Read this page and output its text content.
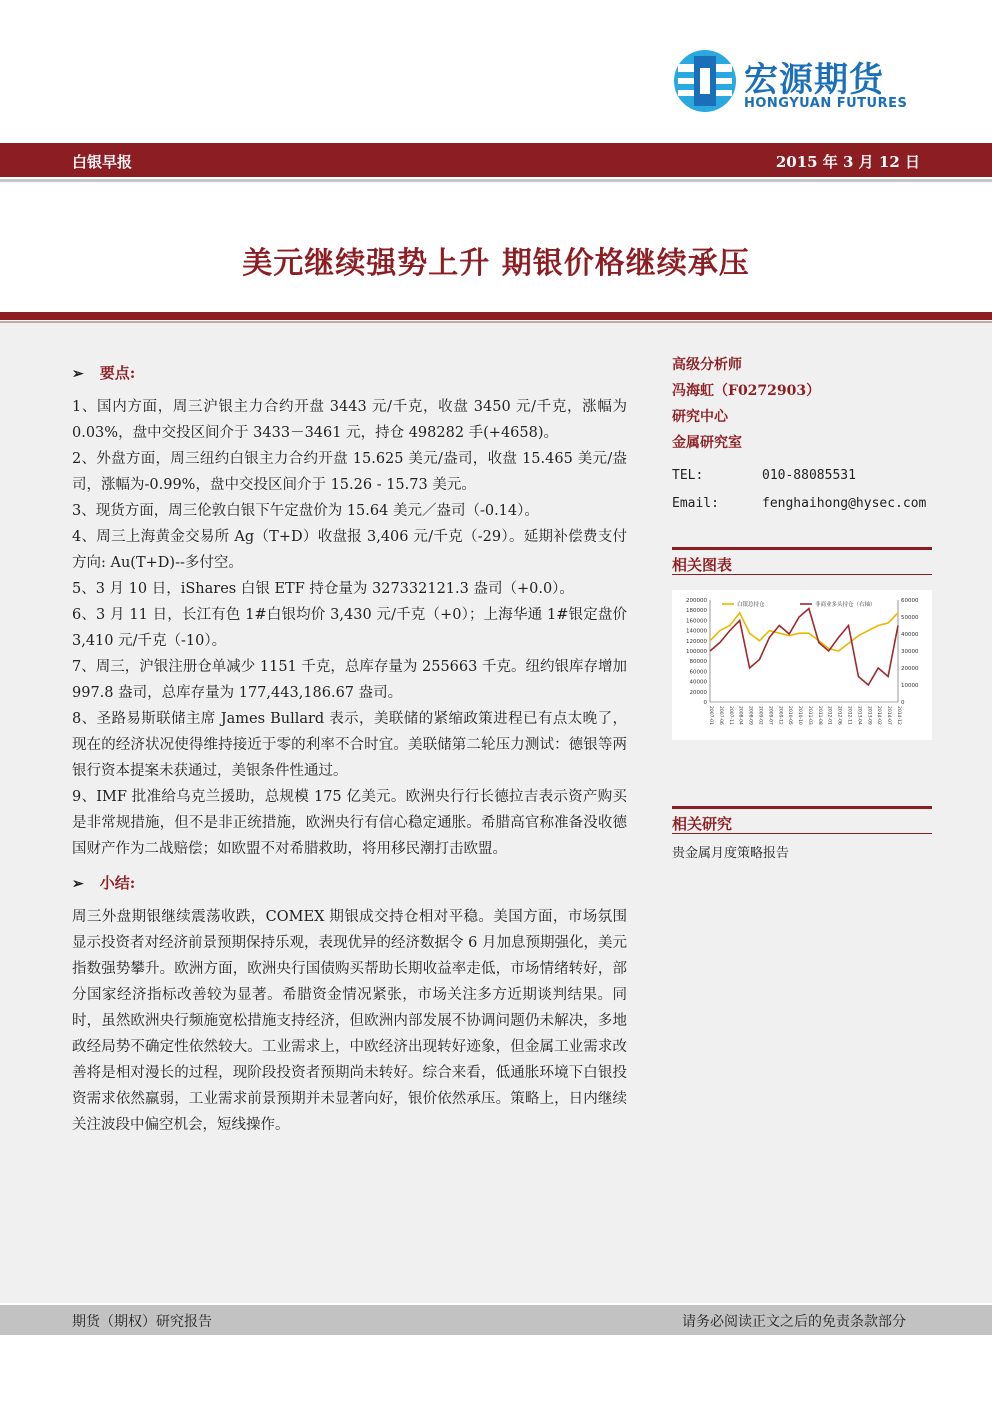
宏源期货
HONGYUAN FUTURES
白银早报	2015 年 3 月 12 日
美元继续强势上升 期银价格继续承压
➢ 要点:

1、国内方面，周三沪银主力合约开盘 3443 元/千克，收盘 3450 元/千克，涨幅为 0.03%，盘中交投区间介于 3433－3461 元，持仓 498282 手(+4658)。

2、外盘方面，周三纽约白银主力合约开盘 15.625 美元/盎司，收盘 15.465 美元/盎司，涨幅为-0.99%，盘中交投区间介于 15.26 - 15.73 美元。

3、现货方面，周三伦敦白银下午定盘价为 15.64 美元／盎司（-0.14）。

4、周三上海黄金交易所 Ag（T+D）收盘报 3,406 元/千克（-29）。延期补偿费支付方向: Au(T+D)--多付空。

5、3 月 10 日，iShares 白银 ETF 持仓量为 327332121.3 盎司（+0.0）。

6、3 月 11 日，长江有色 1#白银均价 3,430 元/千克（+0）；上海华通 1#银定盘价 3,410 元/千克（-10）。

7、周三，沪银注册仓单减少 1151 千克，总库存量为 255663 千克。纽约银库存增加 997.8 盎司，总库存量为 177,443,186.67 盎司。

8、圣路易斯联储主席 James Bullard 表示，美联储的紧缩政策进程已有点太晚了，现在的经济状况使得维持接近于零的利率不合时宜。美联储第二轮压力测试：德银等两银行资本提案未获通过，美银条件性通过。

9、IMF 批准给乌克兰援助，总规模 175 亿美元。欧洲央行行长德拉吉表示资产购买是非常规措施，但不是非正统措施，欧洲央行有信心稳定通胀。希腊高官称准备没收德国财产作为二战赔偿；如欧盟不对希腊救助，将用移民潮打击欧盟。

➢ 小结:

周三外盘期银继续震荡收跌，COMEX 期银成交持仓相对平稳。美国方面，市场氛围显示投资者对经济前景预期保持乐观，表现优异的经济数据令 6 月加息预期强化，美元指数强势攀升。欧洲方面，欧洲央行国债购买帮助长期收益率走低，市场情绪转好，部分国家经济指标改善较为显著。希腊资金情况紧张，市场关注多方近期谈判结果。同时，虽然欧洲央行频施宽松措施支持经济，但欧洲内部发展不协调问题仍未解决，多地政经局势不确定性依然较大。工业需求上，中欧经济出现转好迹象，但金属工业需求改善将是相对漫长的过程，现阶段投资者预期尚未转好。综合来看，低通胀环境下白银投资需求依然羸弱，工业需求前景预期并未显著向好，银价依然承压。策略上，日内继续关注波段中偏空机会，短线操作。

高级分析师
冯海虹（F0272903）
研究中心
金属研究室
TEL:	010-88085531
Email:	fenghaihong@hysec.com
相关图表
200000
180000
160000
140000
120000
100000
80000
60000
40000
20000
0
60000
50000
40000
30000
20000
10000
0
2007-01 2007-06 2007-11 2008-04 2008-09 2009-02 2009-07 2009-12 2010-05 2010-10 2011-03 2011-08 2012-01 2012-06 2012-11 2013-04 2013-09 2014-02 2014-07 2014-12
白银总持仓	非商业多头持仓（右轴）
相关研究
贵金属月度策略报告
期货（期权）研究报告	请务必阅读正文之后的免责条款部分
